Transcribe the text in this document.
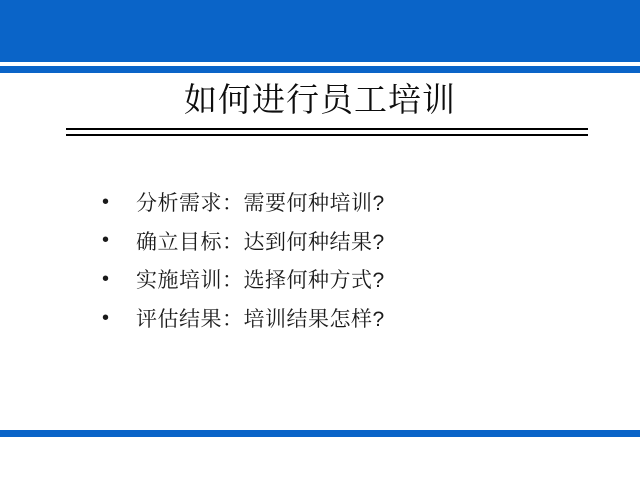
如何进行员工培训
•	分析需求：需要何种培训?
•	确立目标：达到何种结果?
•	实施培训：选择何种方式?
•	评估结果：培训结果怎样?
